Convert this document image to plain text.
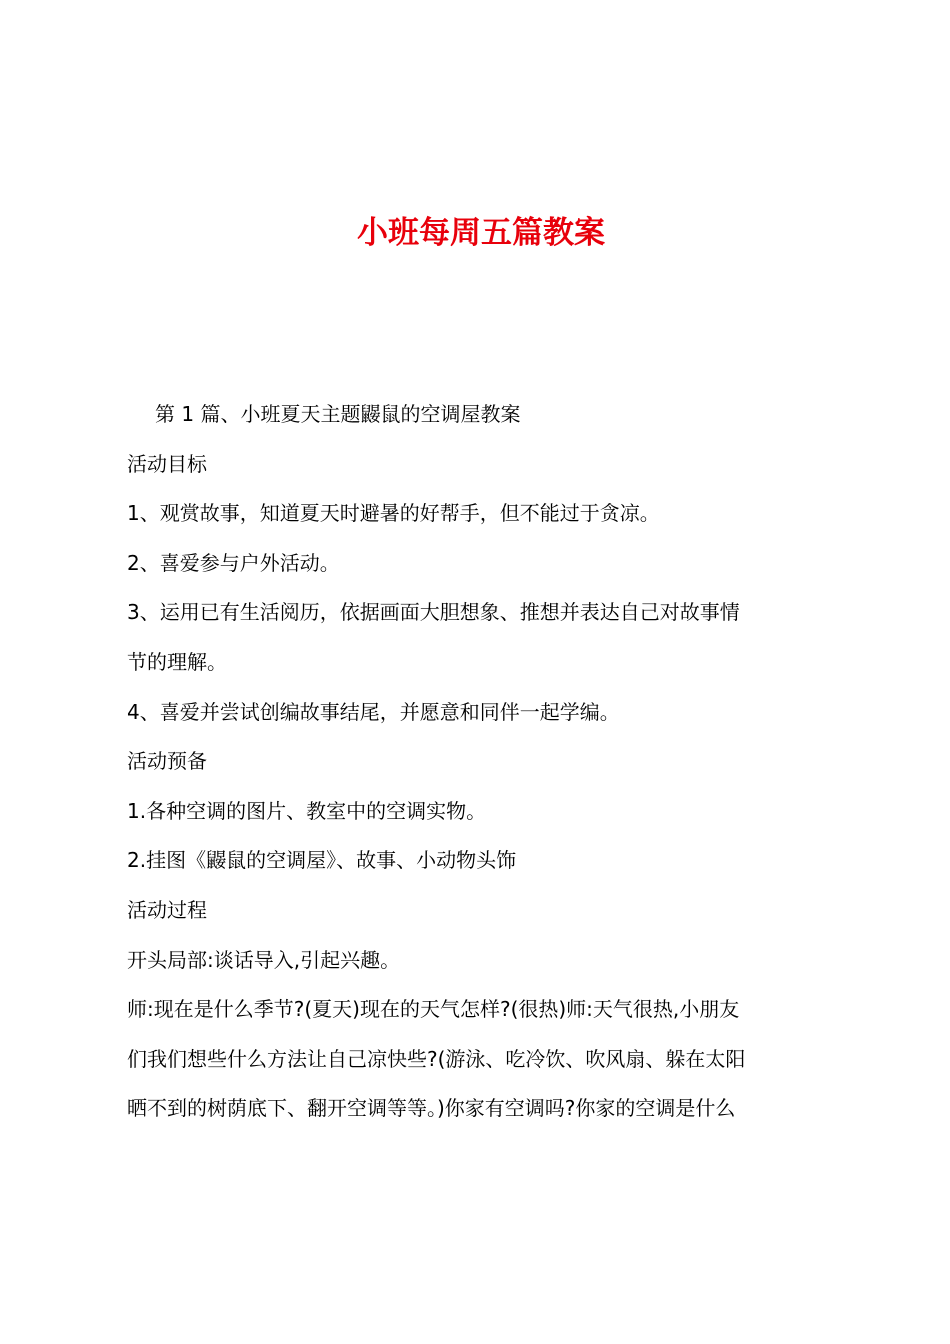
小班每周五篇教案

第 1 篇、小班夏天主题鼹鼠的空调屋教案

活动目标

1、观赏故事，知道夏天时避暑的好帮手，但不能过于贪凉。

2、喜爱参与户外活动。

3、运用已有生活阅历，依据画面大胆想象、推想并表达自己对故事情

节的理解。

4、喜爱并尝试创编故事结尾，并愿意和同伴一起学编。

活动预备

1.各种空调的图片、教室中的空调实物。

2.挂图《鼹鼠的空调屋》、故事、小动物头饰

活动过程

开头局部:谈话导入,引起兴趣。

师:现在是什么季节?(夏天)现在的天气怎样?(很热)师:天气很热,小朋友

们我们想些什么方法让自己凉快些?(游泳、吃冷饮、吹风扇、躲在太阳

晒不到的树荫底下、翻开空调等等。)你家有空调吗?你家的空调是什么
